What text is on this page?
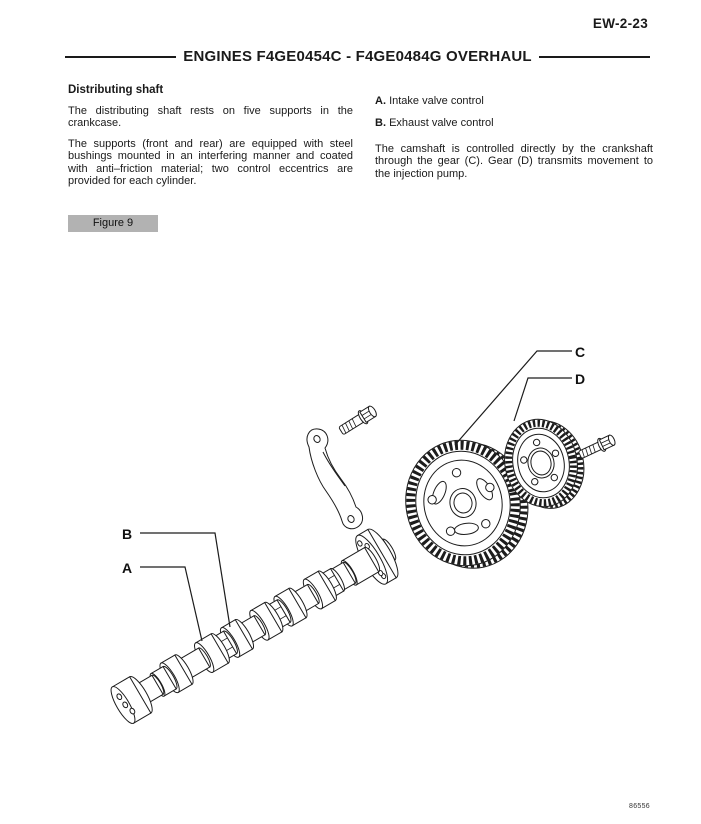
EW-2-23
ENGINES F4GE0454C - F4GE0484G OVERHAUL
Distributing shaft

The distributing shaft rests on five supports in the crankcase.

The supports (front and rear) are equipped with steel bushings mounted in an interfering manner and coated with anti–friction material; two control eccentrics are provided for each cylinder.

A. Intake valve control

B. Exhaust valve control

The camshaft is controlled directly by the crankshaft through the gear (C). Gear (D) transmits movement to the injection pump.

Figure 9
C
D
B
A
86556
